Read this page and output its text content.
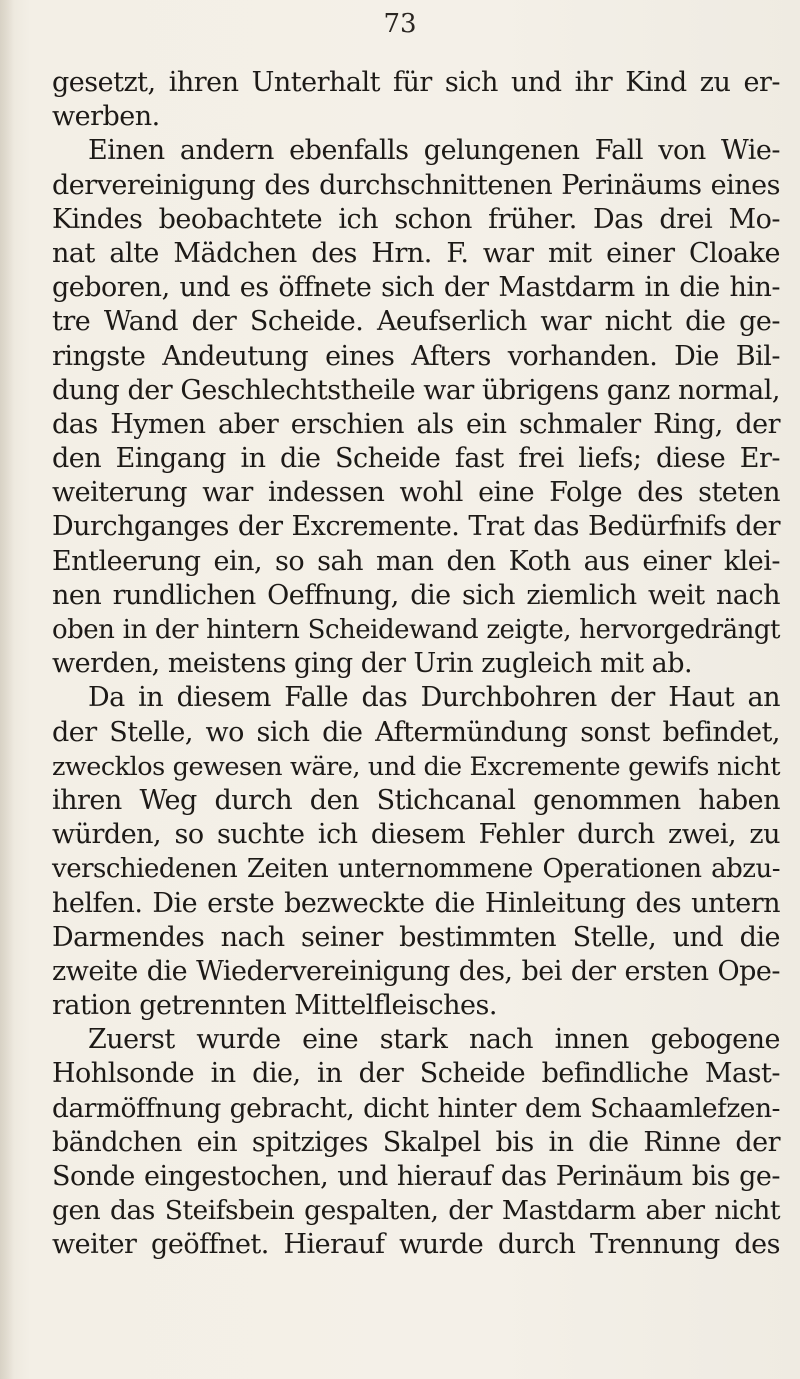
73
gesetzt, ihren Unterhalt für sich und ihr Kind zu er-
werben.
Einen andern ebenfalls gelungenen Fall von Wie-
dervereinigung des durchschnittenen Perinäums eines
Kindes beobachtete ich schon früher. Das drei Mo-
nat alte Mädchen des Hrn. F. war mit einer Cloake
geboren, und es öffnete sich der Mastdarm in die hin-
tre Wand der Scheide. Aeufserlich war nicht die ge-
ringste Andeutung eines Afters vorhanden. Die Bil-
dung der Geschlechtstheile war übrigens ganz normal,
das Hymen aber erschien als ein schmaler Ring, der
den Eingang in die Scheide fast frei liefs; diese Er-
weiterung war indessen wohl eine Folge des steten
Durchganges der Excremente. Trat das Bedürfnifs der
Entleerung ein, so sah man den Koth aus einer klei-
nen rundlichen Oeffnung, die sich ziemlich weit nach
oben in der hintern Scheidewand zeigte, hervorgedrängt
werden, meistens ging der Urin zugleich mit ab.
Da in diesem Falle das Durchbohren der Haut an
der Stelle, wo sich die Aftermündung sonst befindet,
zwecklos gewesen wäre, und die Excremente gewifs nicht
ihren Weg durch den Stichcanal genommen haben
würden, so suchte ich diesem Fehler durch zwei, zu
verschiedenen Zeiten unternommene Operationen abzu-
helfen. Die erste bezweckte die Hinleitung des untern
Darmendes nach seiner bestimmten Stelle, und die
zweite die Wiedervereinigung des, bei der ersten Ope-
ration getrennten Mittelfleisches.
Zuerst wurde eine stark nach innen gebogene
Hohlsonde in die, in der Scheide befindliche Mast-
darmöffnung gebracht, dicht hinter dem Schaamlefzen-
bändchen ein spitziges Skalpel bis in die Rinne der
Sonde eingestochen, und hierauf das Perinäum bis ge-
gen das Steifsbein gespalten, der Mastdarm aber nicht
weiter geöffnet. Hierauf wurde durch Trennung des
